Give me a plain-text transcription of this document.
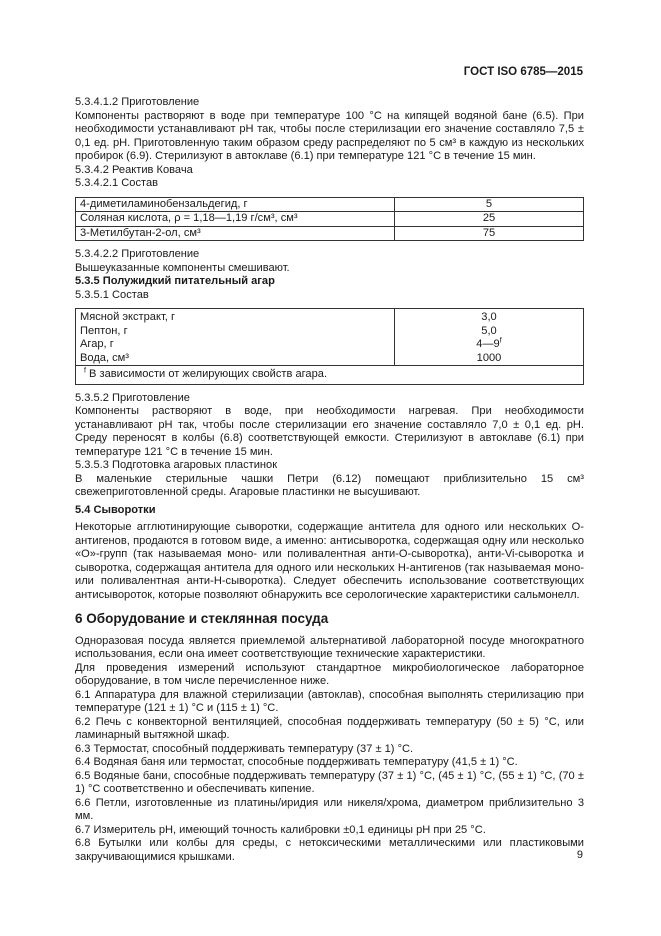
ГОСТ ISO 6785—2015

5.3.4.1.2 Приготовление

Компоненты растворяют в воде при температуре 100 °С на кипящей водяной бане (6.5). При необходимости устанавливают рН так, чтобы после стерилизации его значение составляло 7,5 ± 0,1 ед. рН. Приготовленную таким образом среду распределяют по 5 см³ в каждую из нескольких пробирок (6.9). Стерилизуют в автоклаве (6.1) при температуре 121 °С в течение 15 мин.

5.3.4.2 Реактив Ковача

5.3.4.2.1 Состав

4-диметиламинобензальдегид, г	5
Соляная кислота, ρ = 1,18—1,19 г/см³, см³	25
3-Метилбутан-2-ол, см³	75

5.3.4.2.2 Приготовление

Вышеуказанные компоненты смешивают.

5.3.5 Полужидкий питательный агар

5.3.5.1 Состав

Мясной экстракт, г	3,0
Пептон, г	5,0
Агар, г	4—9$^f$
Вода, см³	1000
$^f$ В зависимости от желирующих свойств агара.	

5.3.5.2 Приготовление

Компоненты растворяют в воде, при необходимости нагревая. При необходимости устанавливают рН так, чтобы после стерилизации его значение составляло 7,0 ± 0,1 ед. рН. Среду переносят в колбы (6.8) соответствующей емкости. Стерилизуют в автоклаве (6.1) при температуре 121 °С в течение 15 мин.

5.3.5.3 Подготовка агаровых пластинок

В маленькие стерильные чашки Петри (6.12) помещают приблизительно 15 см³ свежеприготовленной среды. Агаровые пластинки не высушивают.

5.4 Сыворотки

Некоторые агглютинирующие сыворотки, содержащие антитела для одного или нескольких О-антигенов, продаются в готовом виде, а именно: антисыворотка, содержащая одну или несколько «О»-групп (так называемая моно- или поливалентная анти-О-сыворотка), анти-Vi-сыворотка и сыворотка, содержащая антитела для одного или нескольких Н-антигенов (так называемая моно- или поливалентная анти-Н-сыворотка). Следует обеспечить использование соответствующих антисывороток, которые позволяют обнаружить все серологические характеристики сальмонелл.

6 Оборудование и стеклянная посуда

Одноразовая посуда является приемлемой альтернативой лабораторной посуде многократного использования, если она имеет соответствующие технические характеристики.

Для проведения измерений используют стандартное микробиологическое лабораторное оборудование, в том числе перечисленное ниже.

6.1 Аппаратура для влажной стерилизации (автоклав), способная выполнять стерилизацию при температуре (121 ± 1) °С и (115 ± 1) °С.

6.2 Печь с конвекторной вентиляцией, способная поддерживать температуру (50 ± 5) °С, или ламинарный вытяжной шкаф.

6.3 Термостат, способный поддерживать температуру (37 ± 1) °С.

6.4 Водяная баня или термостат, способные поддерживать температуру (41,5 ± 1) °С.

6.5 Водяные бани, способные поддерживать температуру (37 ± 1) °С, (45 ± 1) °С, (55 ± 1) °С, (70 ± 1) °С соответственно и обеспечивать кипение.

6.6 Петли, изготовленные из платины/иридия или никеля/хрома, диаметром приблизительно 3 мм.

6.7 Измеритель рН, имеющий точность калибровки ±0,1 единицы рН при 25 °С.

6.8 Бутылки или колбы для среды, с нетоксическими металлическими или пластиковыми закручивающимися крышками.	9
